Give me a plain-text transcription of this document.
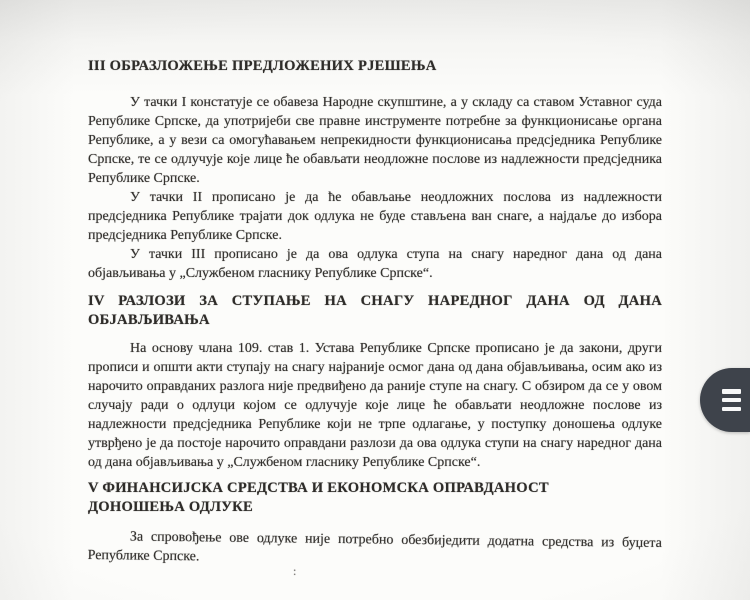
III ОБРАЗЛОЖЕЊЕ ПРЕДЛОЖЕНИХ РЈЕШЕЊА

У тачки I констатује се обавеза Народне скупштине, а у складу са ставом Уставног суда Републике Српске, да употријеби све правне инструменте потребне за функционисање органа Републике, а у вези са омогућавањем непрекидности функционисања предсједника Републике Српске, те се одлучује које лице ће обављати неодложне послове из надлежности предсједника Републике Српске.

У тачки II прописано је да ће обављање неодложних послова из надлежности предсједника Републике трајати док одлука не буде стављена ван снаге, а најдаље до избора предсједника Републике Српске.

У тачки III прописано је да ова одлука ступа на снагу наредног дана од дана објављивања у „Службеном гласнику Републике Српске“.

IV РАЗЛОЗИ ЗА СТУПАЊЕ НА СНАГУ НАРЕДНОГ ДАНА ОД ДАНА
ОБЈАВЉИВАЊА

На основу члана 109. став 1. Устава Републике Српске прописано је да закони, други прописи и општи акти ступају на снагу најраније осмог дана од дана објављивања, осим ако из нарочито оправданих разлога није предвиђено да раније ступе на снагу. С обзиром да се у овом случају ради о одлуци којом се одлучује које лице ће обављати неодложне послове из надлежности предсједника Републике који не трпе одлагање, у поступку доношења одлуке утврђено је да постоје нарочито оправдани разлози да ова одлука ступи на снагу наредног дана од дана објављивања у „Службеном гласнику Републике Српске“.

V ФИНАНСИЈСКА СРЕДСТВА И ЕКОНОМСКА ОПРАВДАНОСТ
ДОНОШЕЊА ОДЛУКЕ

За спровођење ове одлуке није потребно обезбиједити додатна средства из буџета Републике Српске.

:
